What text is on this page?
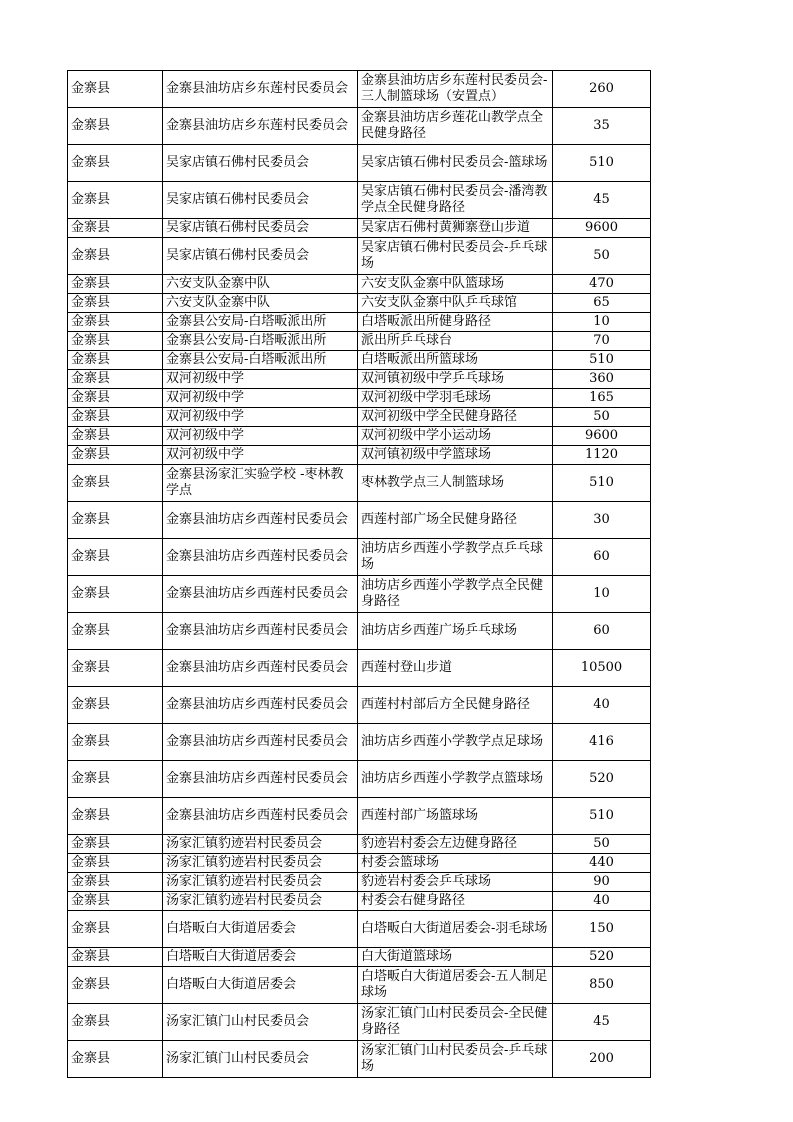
金寨县	金寨县油坊店乡东莲村民委员会	金寨县油坊店乡东莲村民委员会-三人制篮球场（安置点）	260
金寨县	金寨县油坊店乡东莲村民委员会	金寨县油坊店乡莲花山教学点全民健身路径	35
金寨县	吴家店镇石佛村民委员会	吴家店镇石佛村民委员会-篮球场	510
金寨县	吴家店镇石佛村民委员会	吴家店镇石佛村民委员会-潘湾教学点全民健身路径	45
金寨县	吴家店镇石佛村民委员会	吴家店石佛村黄狮寨登山步道	9600
金寨县	吴家店镇石佛村民委员会	吴家店镇石佛村民委员会-乒乓球场	50
金寨县	六安支队金寨中队	六安支队金寨中队篮球场	470
金寨县	六安支队金寨中队	六安支队金寨中队乒乓球馆	65
金寨县	金寨县公安局-白塔畈派出所	白塔畈派出所健身路径	10
金寨县	金寨县公安局-白塔畈派出所	派出所乒乓球台	70
金寨县	金寨县公安局-白塔畈派出所	白塔畈派出所篮球场	510
金寨县	双河初级中学	双河镇初级中学乒乓球场	360
金寨县	双河初级中学	双河初级中学羽毛球场	165
金寨县	双河初级中学	双河初级中学全民健身路径	50
金寨县	双河初级中学	双河初级中学小运动场	9600
金寨县	双河初级中学	双河镇初级中学篮球场	1120
金寨县	金寨县汤家汇实验学校 -枣林教学点	枣林教学点三人制篮球场	510
金寨县	金寨县油坊店乡西莲村民委员会	西莲村部广场全民健身路径	30
金寨县	金寨县油坊店乡西莲村民委员会	油坊店乡西莲小学教学点乒乓球场	60
金寨县	金寨县油坊店乡西莲村民委员会	油坊店乡西莲小学教学点全民健身路径	10
金寨县	金寨县油坊店乡西莲村民委员会	油坊店乡西莲广场乒乓球场	60
金寨县	金寨县油坊店乡西莲村民委员会	西莲村登山步道	10500
金寨县	金寨县油坊店乡西莲村民委员会	西莲村村部后方全民健身路径	40
金寨县	金寨县油坊店乡西莲村民委员会	油坊店乡西莲小学教学点足球场	416
金寨县	金寨县油坊店乡西莲村民委员会	油坊店乡西莲小学教学点篮球场	520
金寨县	金寨县油坊店乡西莲村民委员会	西莲村部广场篮球场	510
金寨县	汤家汇镇豹迹岩村民委员会	豹迹岩村委会左边健身路径	50
金寨县	汤家汇镇豹迹岩村民委员会	村委会篮球场	440
金寨县	汤家汇镇豹迹岩村民委员会	豹迹岩村委会乒乓球场	90
金寨县	汤家汇镇豹迹岩村民委员会	村委会右健身路径	40
金寨县	白塔畈白大街道居委会	白塔畈白大街道居委会-羽毛球场	150
金寨县	白塔畈白大街道居委会	白大街道篮球场	520
金寨县	白塔畈白大街道居委会	白塔畈白大街道居委会-五人制足球场	850
金寨县	汤家汇镇门山村民委员会	汤家汇镇门山村民委员会-全民健身路径	45
金寨县	汤家汇镇门山村民委员会	汤家汇镇门山村民委员会-乒乓球场	200
